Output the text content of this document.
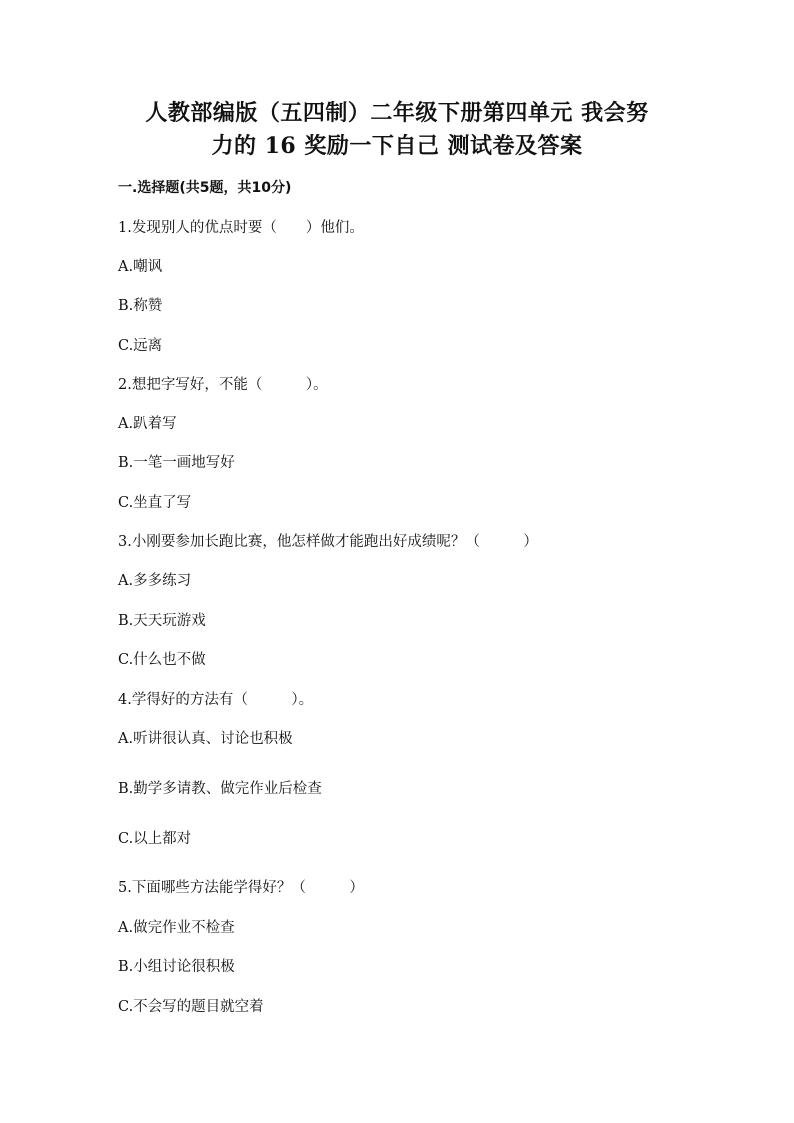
人教部编版（五四制）二年级下册第四单元 我会努
力的 16 奖励一下自己 测试卷及答案
一.选择题(共5题，共10分)
1.发现别人的优点时要（　　）他们。
A.嘲讽
B.称赞
C.远离
2.想把字写好，不能（　　　）。
A.趴着写
B.一笔一画地写好
C.坐直了写
3.小刚要参加长跑比赛，他怎样做才能跑出好成绩呢？（　　　）
A.多多练习
B.天天玩游戏
C.什么也不做
4.学得好的方法有（　　　）。
A.听讲很认真、讨论也积极
B.勤学多请教、做完作业后检查
C.以上都对
5.下面哪些方法能学得好？（　　　）
A.做完作业不检查
B.小组讨论很积极
C.不会写的题目就空着
